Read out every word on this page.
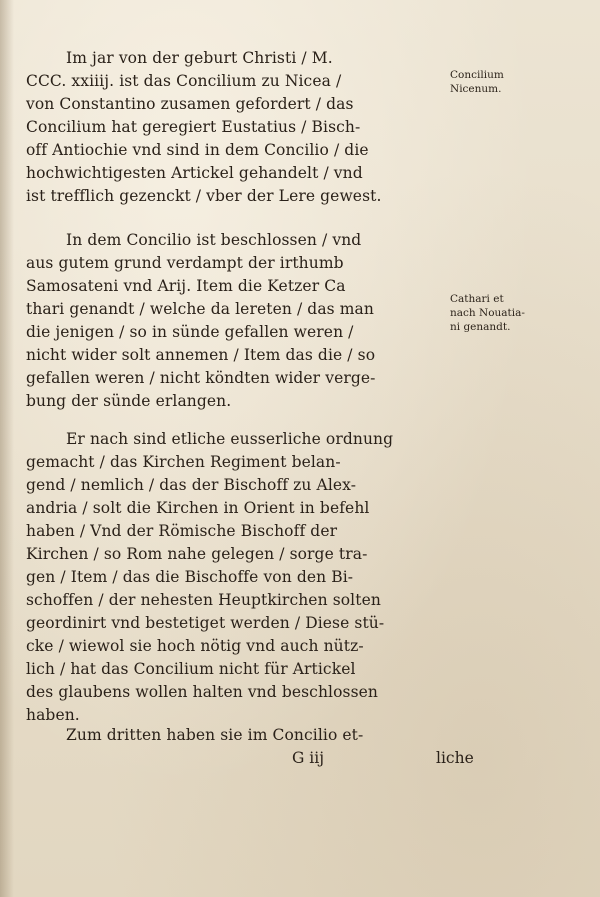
Im jar von der geburt Christi / M.
CCC. xxiiij. ist das Concilium zu Nicea /
von Constantino zusamen gefordert / das
Concilium hat geregiert Eustatius / Bisch-
off Antiochie vnd sind in dem Concilio / die
hochwichtigesten Artickel gehandelt / vnd
ist trefflich gezenckt / vber der Lere gewest.
In dem Concilio ist beschlossen / vnd
aus gutem grund verdampt der irthumb
Samosateni vnd Arij. Item die Ketzer Ca
thari genandt / welche da lereten / das man
die jenigen / so in sünde gefallen weren /
nicht wider solt annemen / Item das die / so
gefallen weren / nicht köndten wider verge-
bung der sünde erlangen.
Er nach sind etliche eusserliche ordnung
gemacht / das Kirchen Regiment belan-
gend / nemlich / das der Bischoff zu Alex-
andria / solt die Kirchen in Orient in befehl
haben / Vnd der Römische Bischoff der
Kirchen / so Rom nahe gelegen / sorge tra-
gen / Item / das die Bischoffe von den Bi-
schoffen / der nehesten Heuptkirchen solten
geordinirt vnd bestetiget werden / Diese stü-
cke / wiewol sie hoch nötig vnd auch nütz-
lich / hat das Concilium nicht für Artickel
des glaubens wollen halten vnd beschlossen
haben.
Zum dritten haben sie im Concilio et-
G iij	liche
Concilium
Nicenum.
Cathari et
nach Nouatia-
ni genandt.
